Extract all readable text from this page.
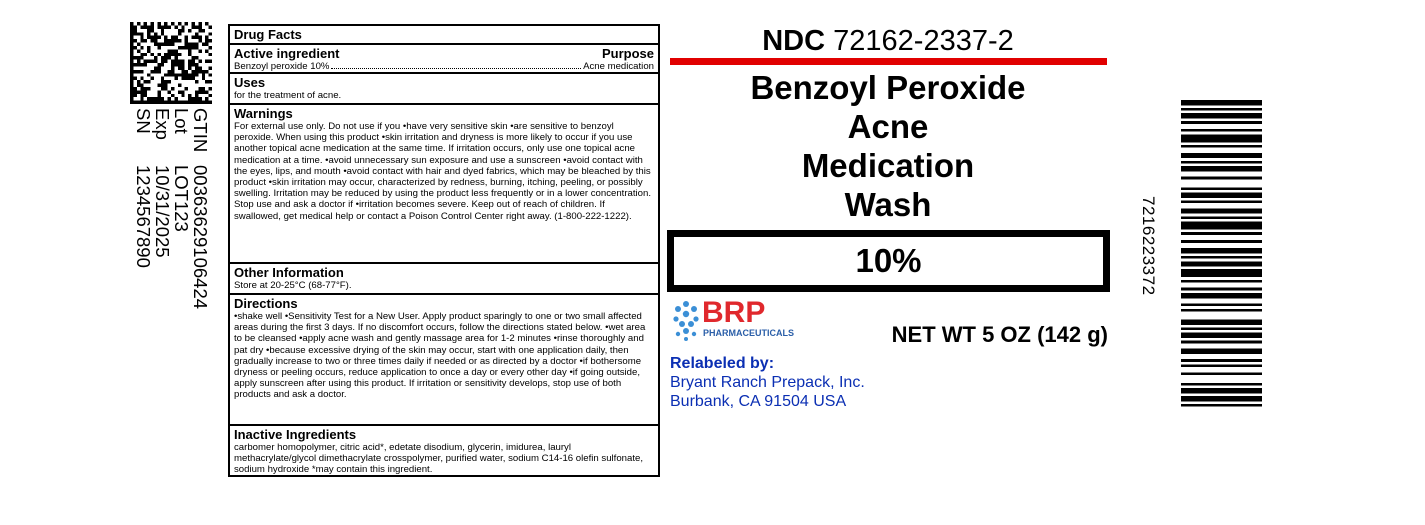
GTIN
00363629106424
Lot
LOT123
Exp
10/31/2025
SN
1234567890
Drug Facts
Active ingredient	Purpose
Benzoyl peroxide 10%	Acne medication
Uses
for the treatment of acne.
Warnings
For external use only. Do not use if you •have very sensitive skin •are sensitive to benzoyl peroxide. When using this product •skin irritation and dryness is more likely to occur if you use another topical acne medication at the same time. If irritation occurs, only use one topical acne medication at a time. •avoid unnecessary sun exposure and use a sunscreen •avoid contact with the eyes, lips, and mouth •avoid contact with hair and dyed fabrics, which may be bleached by this product •skin irritation may occur, characterized by redness, burning, itching, peeling, or possibly swelling. Irritation may be reduced by using the product less frequently or in a lower concentration. Stop use and ask a doctor if •irritation becomes severe. Keep out of reach of children. If swallowed, get medical help or contact a Poison Control Center right away. (1-800-222-1222).
Other Information
Store at 20-25°C (68-77°F).
Directions
•shake well •Sensitivity Test for a New User. Apply product sparingly to one or two small affected areas during the first 3 days. If no discomfort occurs, follow the directions stated below. •wet area to be cleansed •apply acne wash and gently massage area for 1-2 minutes •rinse thoroughly and pat dry •because excessive drying of the skin may occur, start with one application daily, then gradually increase to two or three times daily if needed or as directed by a doctor •if bothersome dryness or peeling occurs, reduce application to once a day or every other day •if going outside, apply sunscreen after using this product. If irritation or sensitivity develops, stop use of both products and ask a doctor.
Inactive Ingredients
carbomer homopolymer, citric acid*, edetate disodium, glycerin, imidurea, lauryl methacrylate/glycol dimethacrylate crosspolymer, purified water, sodium C14-16 olefin sulfonate, sodium hydroxide *may contain this ingredient.
NDC 72162-2337-2
Benzoyl Peroxide
Acne
Medication
Wash
10%
BRP
PHARMACEUTICALS	NET WT 5 OZ (142 g)
Relabeled by:
Bryant Ranch Prepack, Inc.
Burbank, CA 91504 USA
7216223372
